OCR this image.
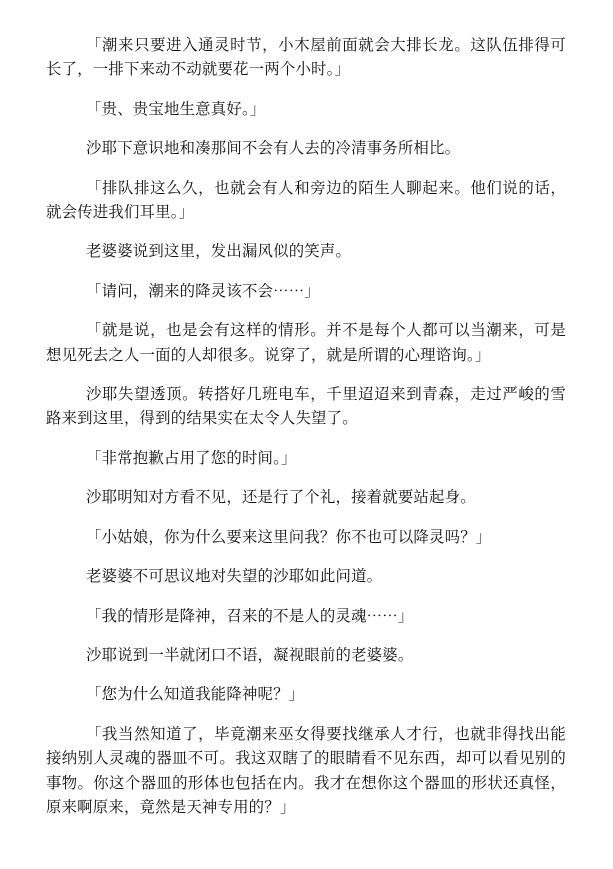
「潮来只要进入通灵时节，小木屋前面就会大排长龙。这队伍排得可长了，一排下来动不动就要花一两个小时。」

「贵、贵宝地生意真好。」

沙耶下意识地和凑那间不会有人去的冷清事务所相比。

「排队排这么久，也就会有人和旁边的陌生人聊起来。他们说的话，就会传进我们耳里。」

老婆婆说到这里，发出漏风似的笑声。

「请问，潮来的降灵该不会⋯⋯」

「就是说，也是会有这样的情形。并不是每个人都可以当潮来，可是想见死去之人一面的人却很多。说穿了，就是所谓的心理谘询。」

沙耶失望透顶。转搭好几班电车，千里迢迢来到青森，走过严峻的雪路来到这里，得到的结果实在太令人失望了。

「非常抱歉占用了您的时间。」

沙耶明知对方看不见，还是行了个礼，接着就要站起身。

「小姑娘，你为什么要来这里问我？你不也可以降灵吗？」

老婆婆不可思议地对失望的沙耶如此问道。

「我的情形是降神，召来的不是人的灵魂⋯⋯」

沙耶说到一半就闭口不语，凝视眼前的老婆婆。

「您为什么知道我能降神呢？」

「我当然知道了，毕竟潮来巫女得要找继承人才行，也就非得找出能接纳别人灵魂的器皿不可。我这双瞎了的眼睛看不见东西，却可以看见别的事物。你这个器皿的形体也包括在内。我才在想你这个器皿的形状还真怪，原来啊原来，竟然是天神专用的？」
